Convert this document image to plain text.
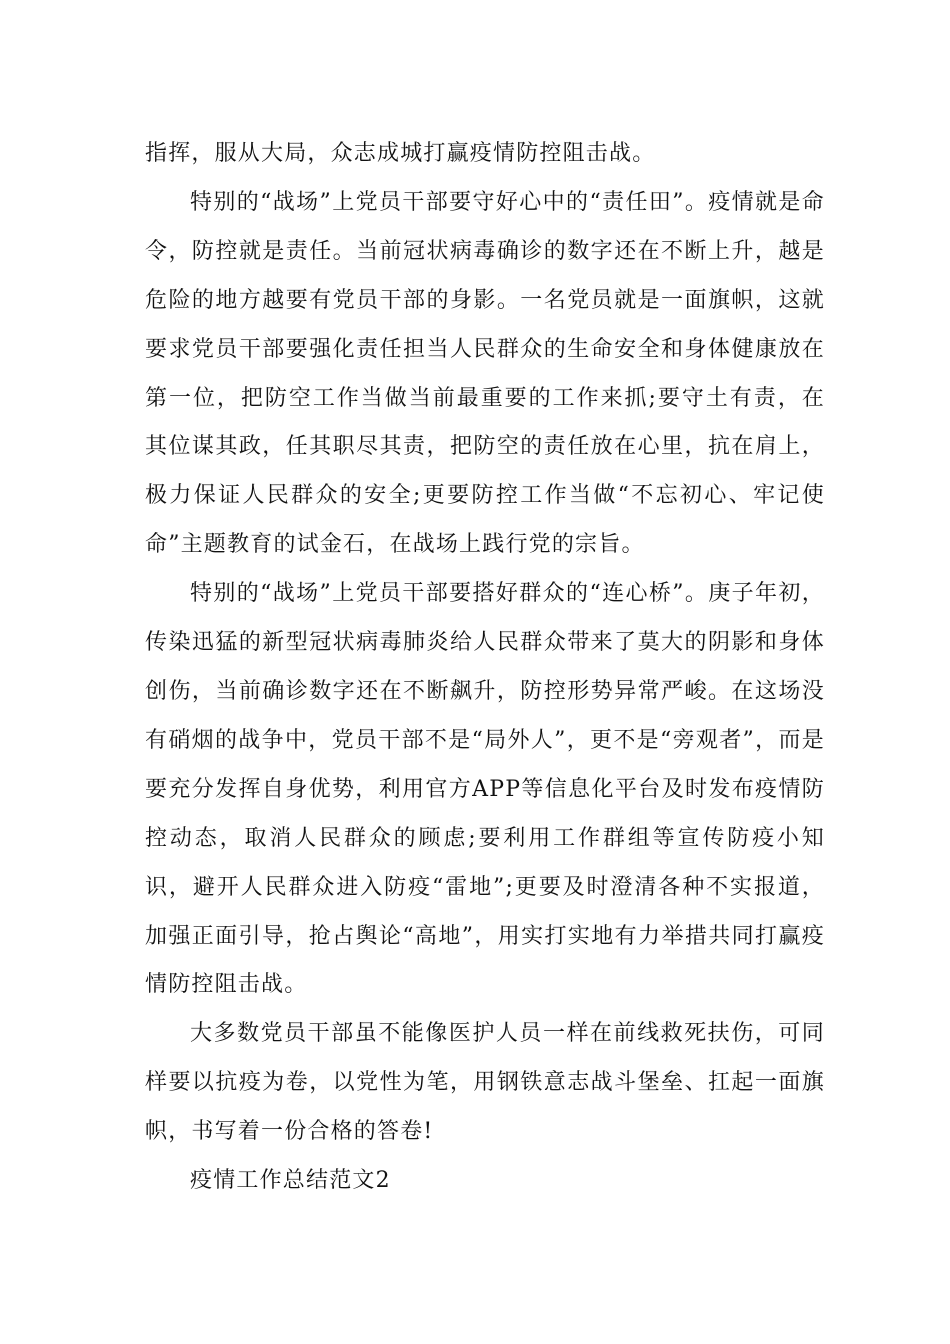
指挥，服从大局，众志成城打赢疫情防控阻击战。

特别的“战场”上党员干部要守好心中的“责任田”。疫情就是命令，防控就是责任。当前冠状病毒确诊的数字还在不断上升，越是危险的地方越要有党员干部的身影。一名党员就是一面旗帜，这就要求党员干部要强化责任担当人民群众的生命安全和身体健康放在第一位，把防空工作当做当前最重要的工作来抓;要守土有责，在其位谋其政，任其职尽其责，把防空的责任放在心里，抗在肩上，极力保证人民群众的安全;更要防控工作当做“不忘初心、牢记使命”主题教育的试金石，在战场上践行党的宗旨。

特别的“战场”上党员干部要搭好群众的“连心桥”。庚子年初，传染迅猛的新型冠状病毒肺炎给人民群众带来了莫大的阴影和身体创伤，当前确诊数字还在不断飙升，防控形势异常严峻。在这场没有硝烟的战争中，党员干部不是“局外人”，更不是“旁观者”，而是要充分发挥自身优势，利用官方APP等信息化平台及时发布疫情防控动态，取消人民群众的顾虑;要利用工作群组等宣传防疫小知识，避开人民群众进入防疫“雷地”;更要及时澄清各种不实报道，加强正面引导，抢占舆论“高地”，用实打实地有力举措共同打赢疫情防控阻击战。

大多数党员干部虽不能像医护人员一样在前线救死扶伤，可同样要以抗疫为卷，以党性为笔，用钢铁意志战斗堡垒、扛起一面旗帜，书写着一份合格的答卷!

疫情工作总结范文2
